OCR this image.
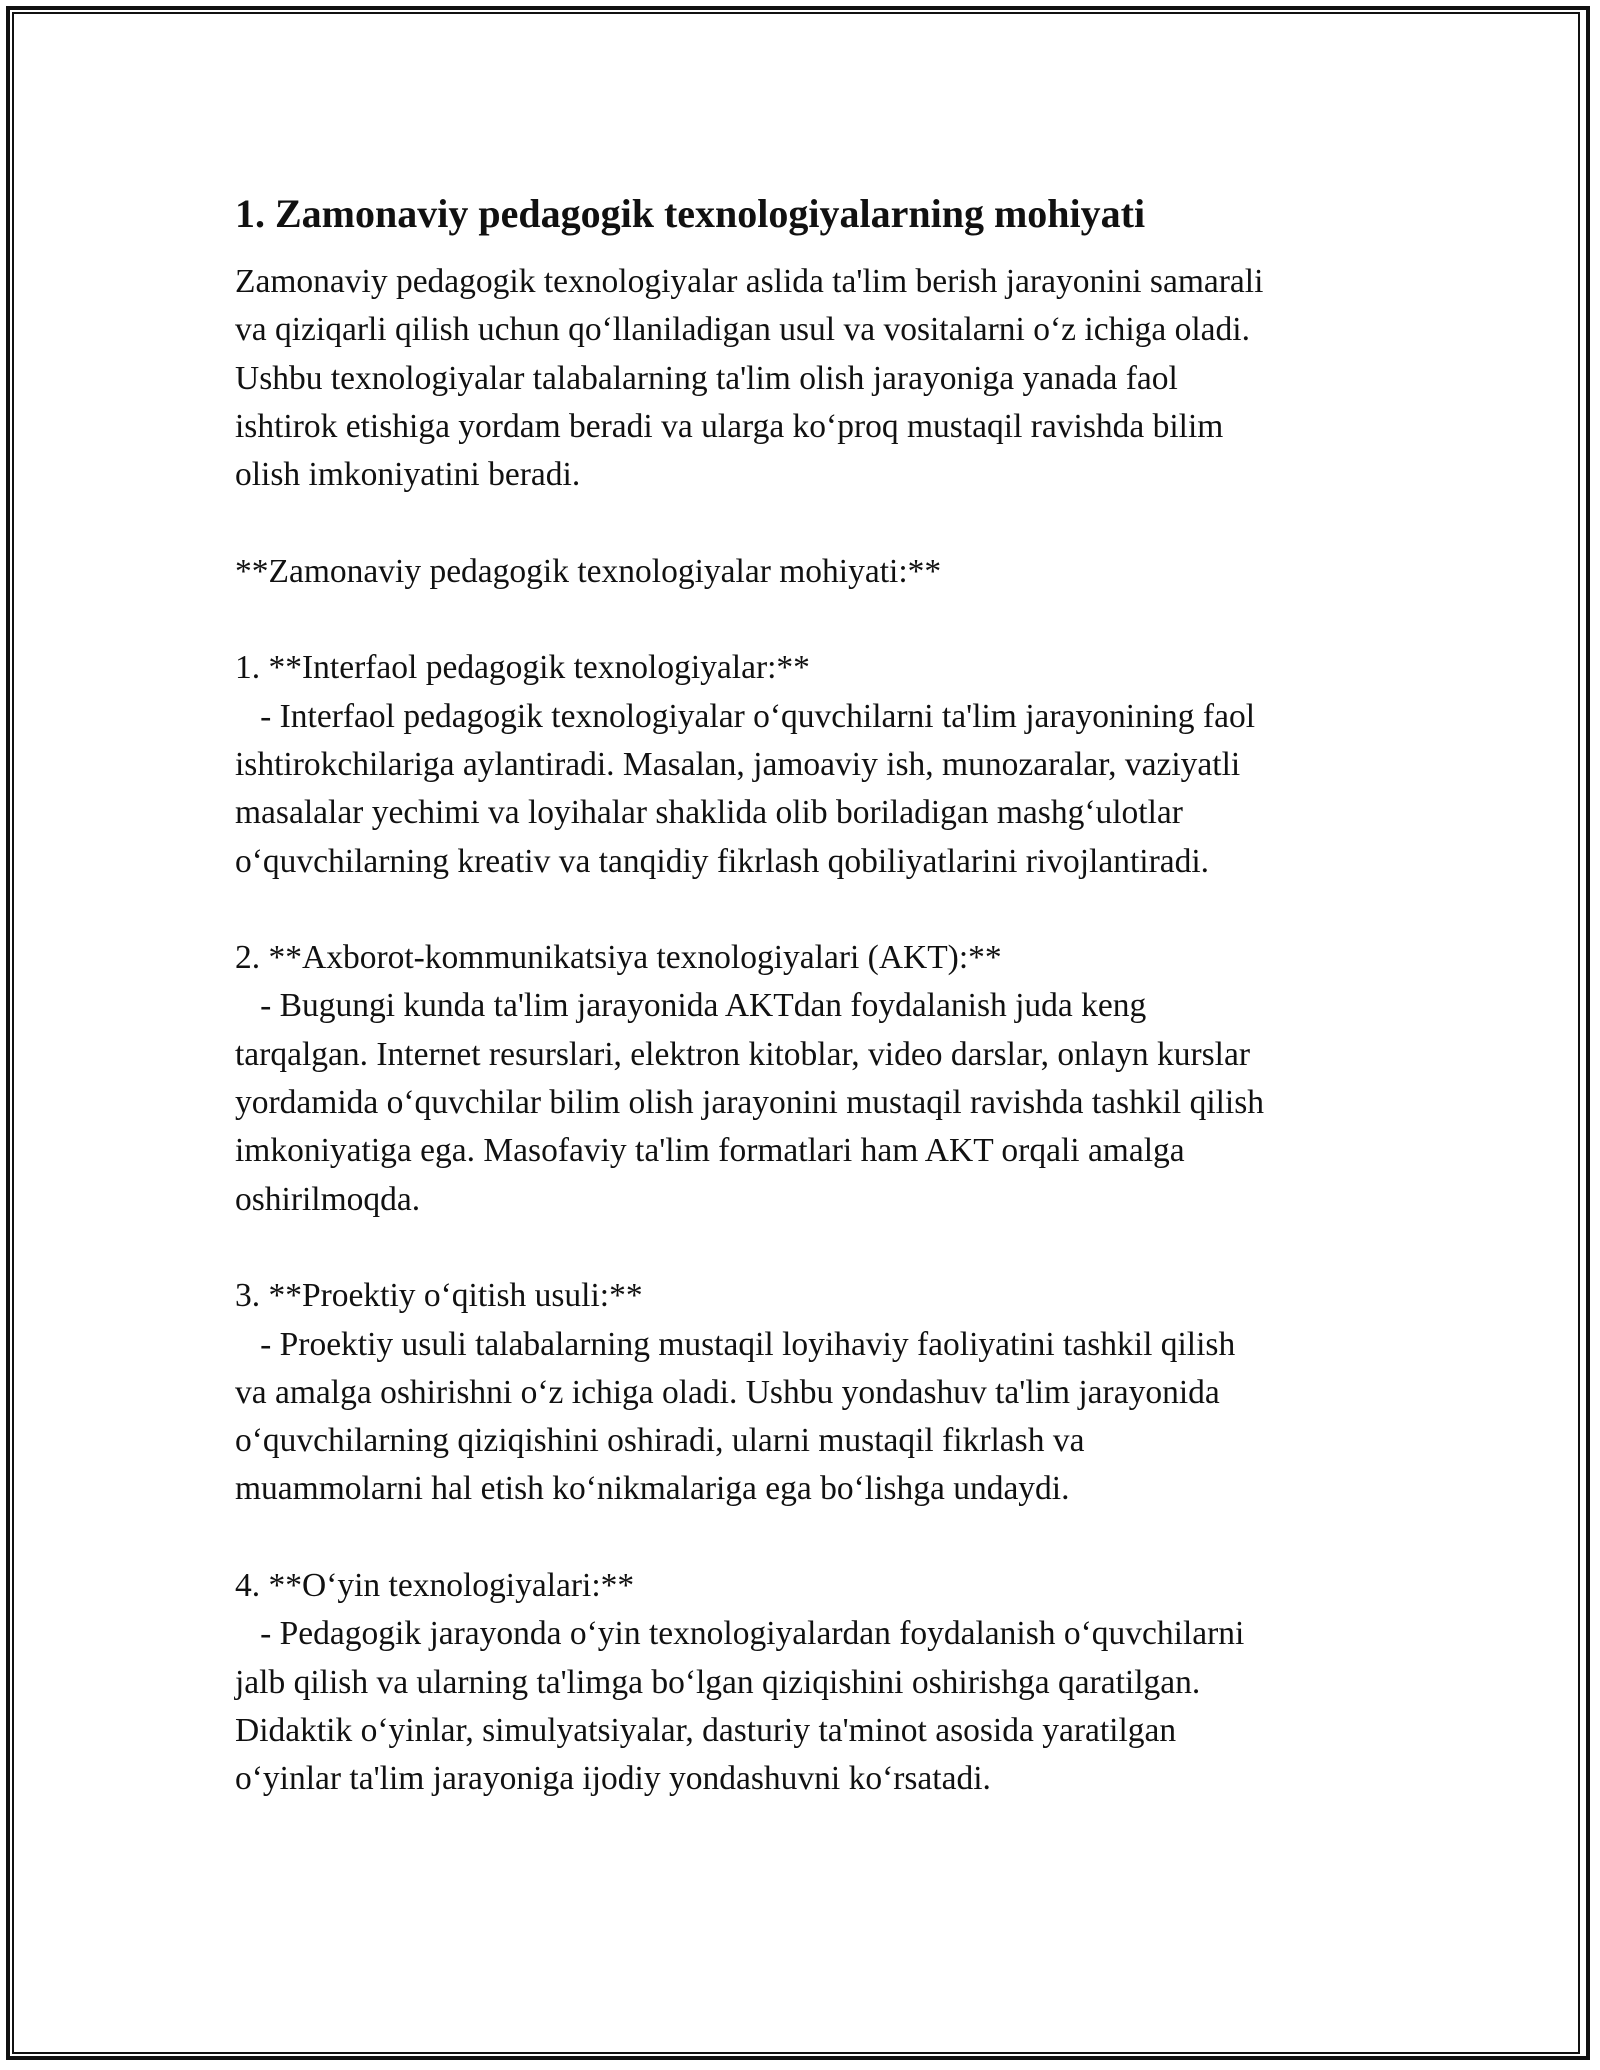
1. Zamonaviy pedagogik texnologiyalarning mohiyati

Zamonaviy pedagogik texnologiyalar aslida ta'lim berish jarayonini samarali
va qiziqarli qilish uchun qo‘llaniladigan usul va vositalarni o‘z ichiga oladi.
Ushbu texnologiyalar talabalarning ta'lim olish jarayoniga yanada faol
ishtirok etishiga yordam beradi va ularga ko‘proq mustaqil ravishda bilim
olish imkoniyatini beradi.

**Zamonaviy pedagogik texnologiyalar mohiyati:**

1. **Interfaol pedagogik texnologiyalar:**

- Interfaol pedagogik texnologiyalar o‘quvchilarni ta'lim jarayonining faol
ishtirokchilariga aylantiradi. Masalan, jamoaviy ish, munozaralar, vaziyatli
masalalar yechimi va loyihalar shaklida olib boriladigan mashg‘ulotlar
o‘quvchilarning kreativ va tanqidiy fikrlash qobiliyatlarini rivojlantiradi.

2. **Axborot-kommunikatsiya texnologiyalari (AKT):**

- Bugungi kunda ta'lim jarayonida AKTdan foydalanish juda keng
tarqalgan. Internet resurslari, elektron kitoblar, video darslar, onlayn kurslar
yordamida o‘quvchilar bilim olish jarayonini mustaqil ravishda tashkil qilish
imkoniyatiga ega. Masofaviy ta'lim formatlari ham AKT orqali amalga
oshirilmoqda.

3. **Proektiy o‘qitish usuli:**

- Proektiy usuli talabalarning mustaqil loyihaviy faoliyatini tashkil qilish
va amalga oshirishni o‘z ichiga oladi. Ushbu yondashuv ta'lim jarayonida
o‘quvchilarning qiziqishini oshiradi, ularni mustaqil fikrlash va
muammolarni hal etish ko‘nikmalariga ega bo‘lishga undaydi.

4. **O‘yin texnologiyalari:**

- Pedagogik jarayonda o‘yin texnologiyalardan foydalanish o‘quvchilarni
jalb qilish va ularning ta'limga bo‘lgan qiziqishini oshirishga qaratilgan.
Didaktik o‘yinlar, simulyatsiyalar, dasturiy ta'minot asosida yaratilgan
o‘yinlar ta'lim jarayoniga ijodiy yondashuvni ko‘rsatadi.
